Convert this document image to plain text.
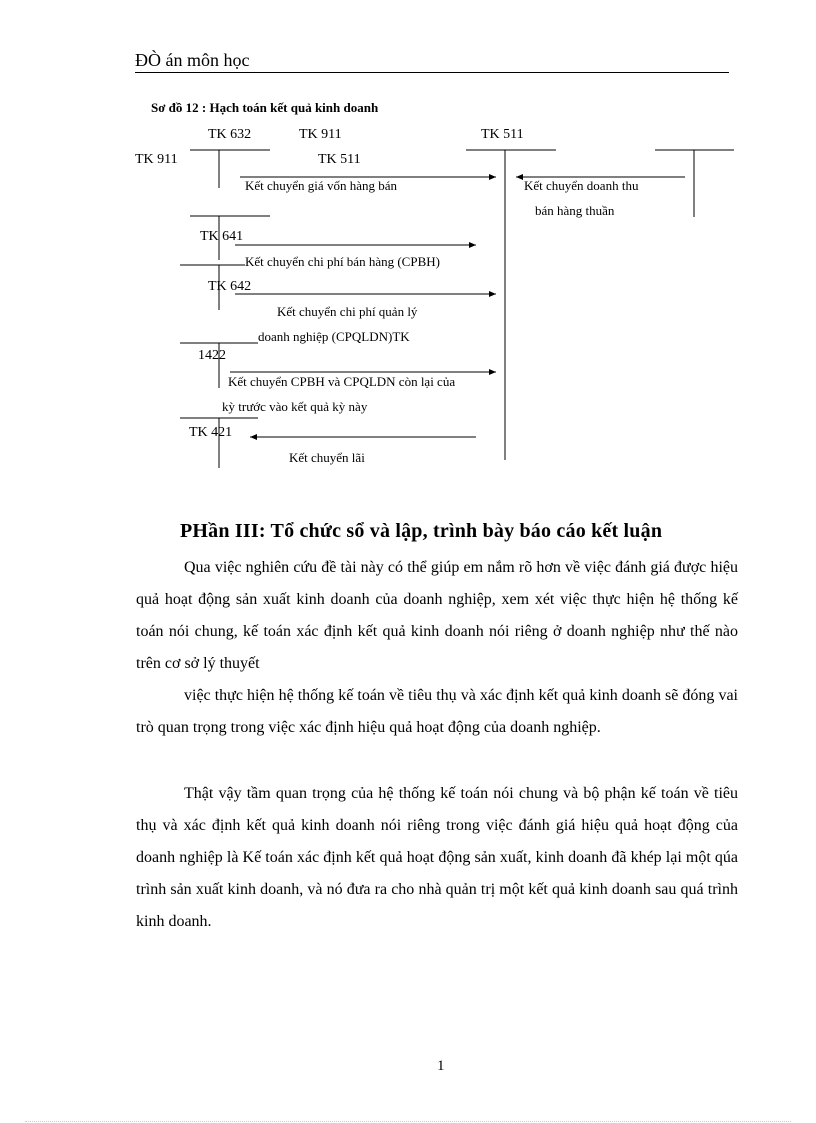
ĐÒ án môn học
Sơ đồ 12 : Hạch toán kết quả kinh doanh
TK 632	TK 911	TK 511
TK 911	TK 511
TK 641
TK 642
1422
TK 421
Kết chuyển giá vốn hàng bán	Kết chuyển doanh thu
bán hàng thuần
Kết chuyển chi phí bán hàng (CPBH)
Kết chuyển chi phí quản lý
doanh nghiệp (CPQLDN)TK
Kết chuyển CPBH và CPQLDN còn lại của
kỳ trước vào kết quả kỳ này
Kết chuyển lãi
PHần III: Tổ chức sổ và lập, trình bày báo cáo kết luận
Qua việc nghiên cứu đề tài này có thể giúp em nắm rõ hơn về việc đánh giá được hiệu quả hoạt động sản xuất kinh doanh của doanh nghiệp, xem xét việc thực hiện hệ thống kế toán nói chung, kế toán xác định kết quả kinh doanh nói riêng ở doanh nghiệp như thế nào trên cơ sở lý thuyết
việc thực hiện hệ thống kế toán về tiêu thụ và xác định kết quả kinh doanh sẽ đóng vai trò quan trọng trong việc xác định hiệu quả hoạt động của doanh nghiệp.
Thật vậy tầm quan trọng của hệ thống kế toán nói chung và bộ phận kế toán về tiêu thụ và xác định kết quả kinh doanh nói riêng trong việc đánh giá hiệu quả hoạt động của doanh nghiệp là Kế toán xác định kết quả hoạt động sản xuất, kinh doanh đã khép lại một qúa trình sản xuất kinh doanh, và nó đưa ra cho nhà quản trị một kết quả kinh doanh sau quá trình kinh doanh.
1
